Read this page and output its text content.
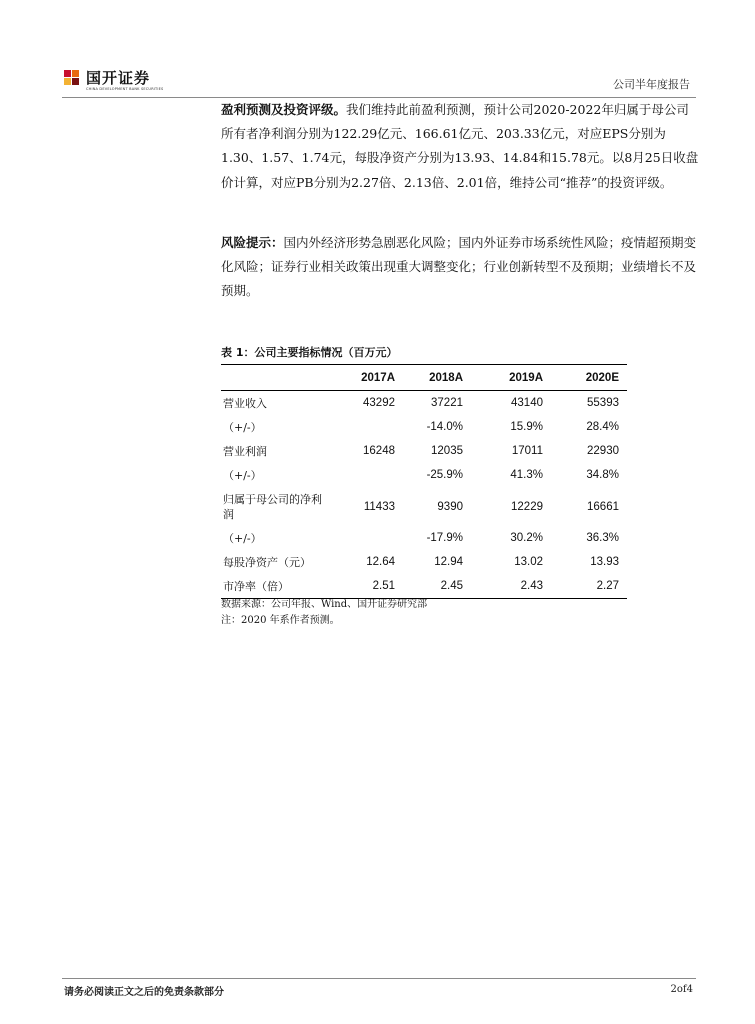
国开证券
CHINA DEVELOPMENT BANK SECURITIES	公司半年度报告
盈利预测及投资评级。我们维持此前盈利预测，预计公司2020-2022年归属于母公司所有者净利润分别为122.29亿元、166.61亿元、203.33亿元，对应EPS分别为1.30、1.57、1.74元，每股净资产分别为13.93、14.84和15.78元。以8月25日收盘价计算，对应PB分别为2.27倍、2.13倍、2.01倍，维持公司“推荐”的投资评级。
风险提示：国内外经济形势急剧恶化风险；国内外证券市场系统性风险；疫情超预期变化风险；证券行业相关政策出现重大调整变化；行业创新转型不及预期；业绩增长不及预期。
表 1：公司主要指标情况（百万元）
	2017A	2018A	2019A	2020E
营业收入	43292	37221	43140	55393
（+/-）		-14.0%	15.9%	28.4%
营业利润	16248	12035	17011	22930
（+/-）		-25.9%	41.3%	34.8%
归属于母公司的净利润	11433	9390	12229	16661
（+/-）		-17.9%	30.2%	36.3%
每股净资产（元）	12.64	12.94	13.02	13.93
市净率（倍）	2.51	2.45	2.43	2.27
数据来源：公司年报、Wind、国开证券研究部
注：2020 年系作者预测。
请务必阅读正文之后的免责条款部分	2of4
